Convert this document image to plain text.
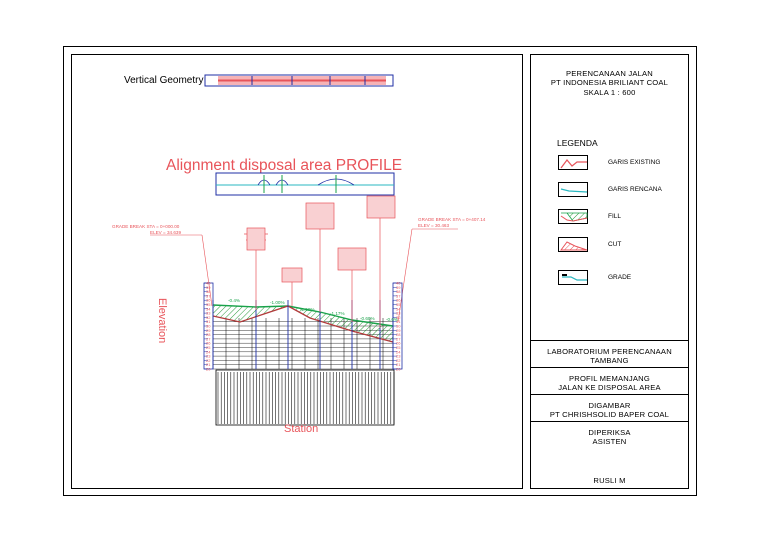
Vertical Geometry
Alignment disposal area PROFILE
GRADE BREAK STA = 0+000.00
ELEV = 34.639
GRADE BREAK STA = 0+407.14
ELEV = 30.463
Elevation
40	40
39	39
38	38
37	37
36	36
35	35
34	34
33	33
32	32
31	31
30	30
29	29
28	28
27	27
26	26
25	25
24	24
23	23
22	22
21	21
20	20
-0.4%	-1.00%
-1.59%
-1.17%
-0.60% -0.6%
Station
PERENCANAAN JALAN
PT INDONESIA BRILIANT COAL
SKALA 1 : 600
LEGENDA
GARIS EXISTING
GARIS RENCANA
FILL
CUT
GRADE
LABORATORIUM PERENCANAAN
TAMBANG
PROFIL MEMANJANG
JALAN KE DISPOSAL AREA
DIGAMBAR
PT CHRISHSOLID BAPER COAL
DIPERIKSA
ASISTEN
RUSLI M
